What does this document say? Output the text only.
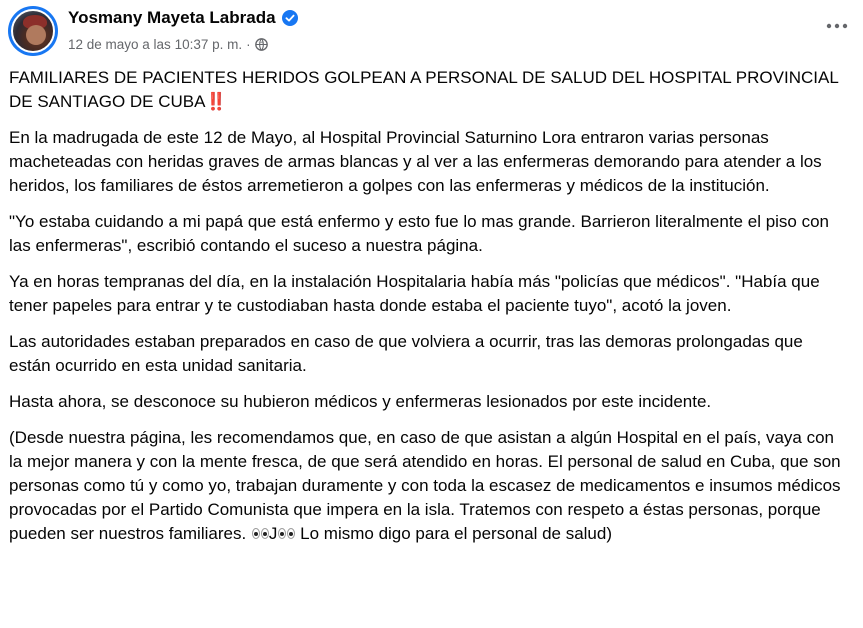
Yosmany Mayeta Labrada
12 de mayo a las 10:37 p. m. ·

FAMILIARES DE PACIENTES HERIDOS GOLPEAN A PERSONAL DE SALUD DEL HOSPITAL PROVINCIAL DE SANTIAGO DE CUBA‼️

En la madrugada de este 12 de Mayo, al Hospital Provincial Saturnino Lora entraron varias personas macheteadas con heridas graves de armas blancas y al ver a las enfermeras demorando para atender a los heridos, los familiares de éstos arremetieron a golpes con las enfermeras y médicos de la institución.

"Yo estaba cuidando a mi papá que está enfermo y esto fue lo mas grande. Barrieron literalmente el piso con las enfermeras", escribió contando el suceso a nuestra página.

Ya en horas tempranas del día, en la instalación Hospitalaria había más "policías que médicos". "Había que tener papeles para entrar y te custodiaban hasta donde estaba el paciente tuyo", acotó la joven.

Las autoridades estaban preparados en caso de que volviera a ocurrir, tras las demoras prolongadas que están ocurrido en esta unidad sanitaria.

Hasta ahora, se desconoce su hubieron médicos y enfermeras lesionados por este incidente.

(Desde nuestra página, les recomendamos que, en caso de que asistan a algún Hospital en el país, vaya con la mejor manera y con la mente fresca, de que será atendido en horas. El personal de salud en Cuba, que son personas como tú y como yo, trabajan duramente y con toda la escasez de medicamentos e insumos médicos provocadas por el Partido Comunista que impera en la isla. Tratemos con respeto a éstas personas, porque pueden ser nuestros familiares. J Lo mismo digo para el personal de salud)
